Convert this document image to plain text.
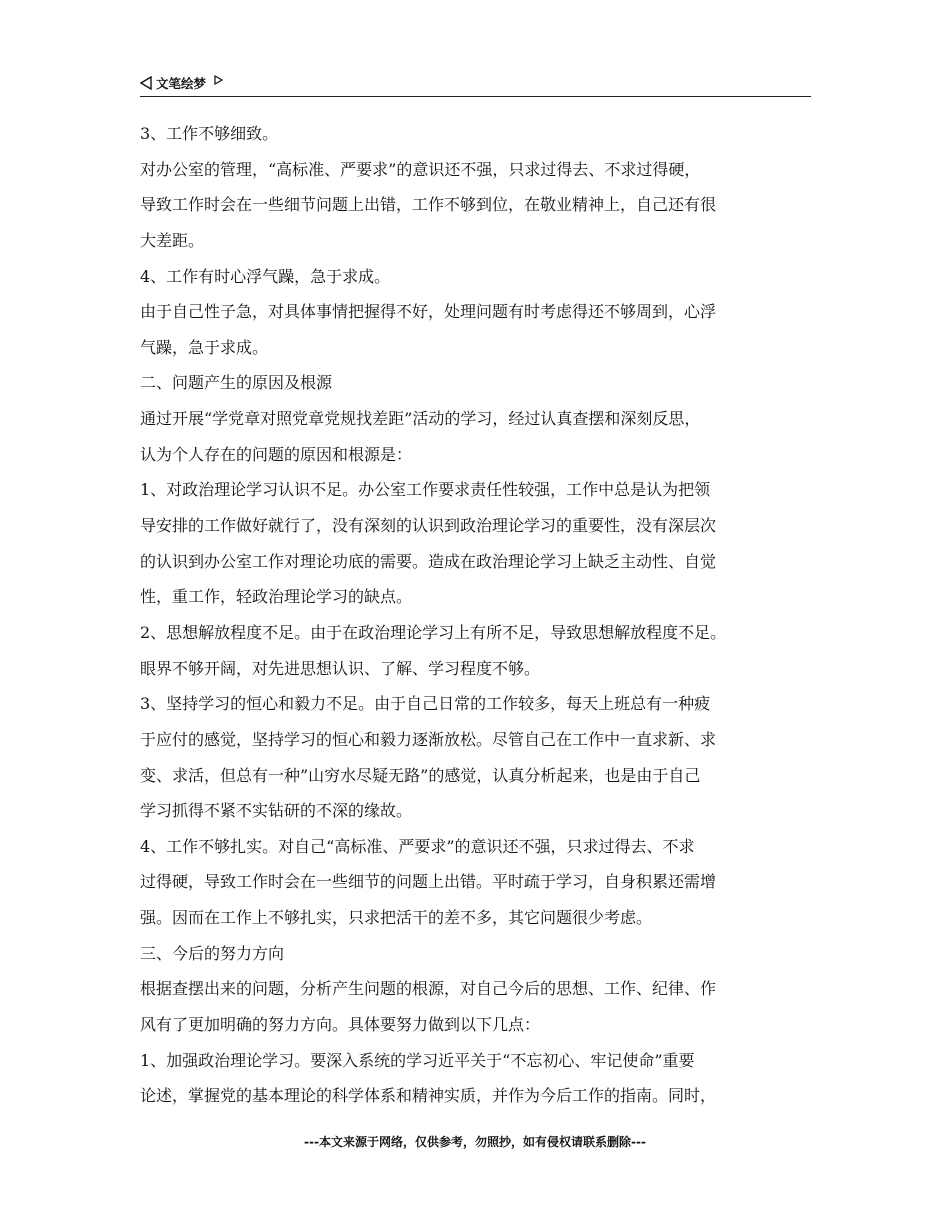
文笔绘梦
3、工作不够细致。
对办公室的管理，“高标准、严要求”的意识还不强，只求过得去、不求过得硬，
导致工作时会在一些细节问题上出错，工作不够到位，在敬业精神上，自己还有很
大差距。
4、工作有时心浮气躁，急于求成。
由于自己性子急，对具体事情把握得不好，处理问题有时考虑得还不够周到，心浮
气躁，急于求成。
二、问题产生的原因及根源
通过开展“学党章对照党章党规找差距”活动的学习，经过认真查摆和深刻反思，
认为个人存在的问题的原因和根源是：
1、对政治理论学习认识不足。办公室工作要求责任性较强，工作中总是认为把领
导安排的工作做好就行了，没有深刻的认识到政治理论学习的重要性，没有深层次
的认识到办公室工作对理论功底的需要。造成在政治理论学习上缺乏主动性、自觉
性，重工作，轻政治理论学习的缺点。
2、思想解放程度不足。由于在政治理论学习上有所不足，导致思想解放程度不足。
眼界不够开阔，对先进思想认识、了解、学习程度不够。
3、坚持学习的恒心和毅力不足。由于自己日常的工作较多，每天上班总有一种疲
于应付的感觉，坚持学习的恒心和毅力逐渐放松。尽管自己在工作中一直求新、求
变、求活，但总有一种”山穷水尽疑无路”的感觉，认真分析起来，也是由于自己
学习抓得不紧不实钻研的不深的缘故。
4、工作不够扎实。对自己“高标准、严要求”的意识还不强，只求过得去、不求
过得硬，导致工作时会在一些细节的问题上出错。平时疏于学习，自身积累还需增
强。因而在工作上不够扎实，只求把活干的差不多，其它问题很少考虑。
三、今后的努力方向
根据查摆出来的问题，分析产生问题的根源，对自己今后的思想、工作、纪律、作
风有了更加明确的努力方向。具体要努力做到以下几点：
1、加强政治理论学习。要深入系统的学习近平关于“不忘初心、牢记使命”重要
论述，掌握党的基本理论的科学体系和精神实质，并作为今后工作的指南。同时，
---本文来源于网络，仅供参考，勿照抄，如有侵权请联系删除---
